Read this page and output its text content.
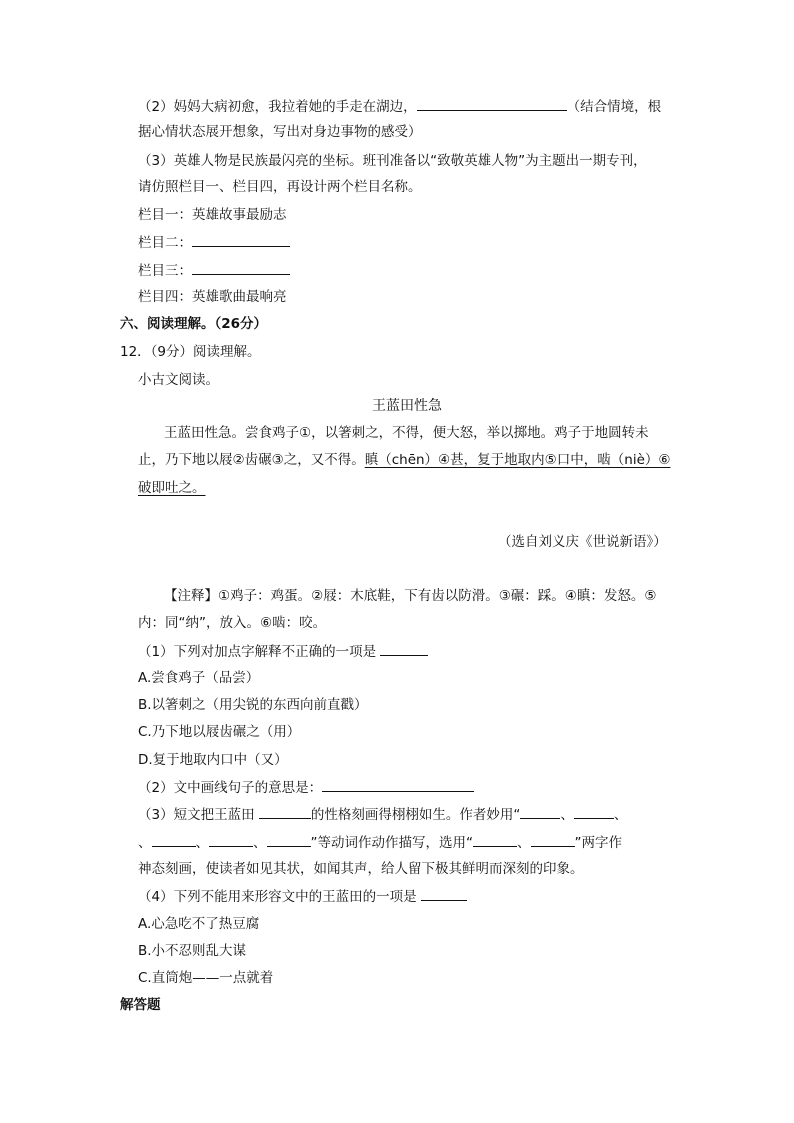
（2）妈妈大病初愈，我拉着她的手走在湖边，	（结合情境，根
据心情状态展开想象，写出对身边事物的感受）
（3）英雄人物是民族最闪亮的坐标。班刊准备以“致敬英雄人物”为主题出一期专刊，
请仿照栏目一、栏目四，再设计两个栏目名称。
栏目一：英雄故事最励志
栏目二：
栏目三：
栏目四：英雄歌曲最响亮
六、阅读理解。（26分）
12．（9分）阅读理解。
小古文阅读。
王蓝田性急
王蓝田性急。尝食鸡子①，以箸刺之，不得，便大怒，举以掷地。鸡子于地圆转未
止，乃下地以屐②齿碾③之，又不得。瞋（chēn）④甚，复于地取内⑤口中，啮（niè）⑥
破即吐之。
（选自刘义庆《世说新语》）
【注释】①鸡子：鸡蛋。②屐：木底鞋，下有齿以防滑。③碾：踩。④瞋：发怒。⑤
内：同“纳”，放入。⑥啮：咬。
（1）下列对加点字解释不正确的一项是
A.尝食鸡子（品尝）
B.以箸刺之（用尖锐的东西向前直戳）
C.乃下地以屐齿碾之（用）
D.复于地取内口中（又）
（2）文中画线句子的意思是：
（3）短文把王蓝田	的性格刻画得栩栩如生。作者妙用“	、	、
、	、	、	”等动词作动作描写，选用“	、	”两字作
神态刻画，使读者如见其状，如闻其声，给人留下极其鲜明而深刻的印象。
（4）下列不能用来形容文中的王蓝田的一项是
A.心急吃不了热豆腐
B.小不忍则乱大谋
C.直筒炮——一点就着
解答题
